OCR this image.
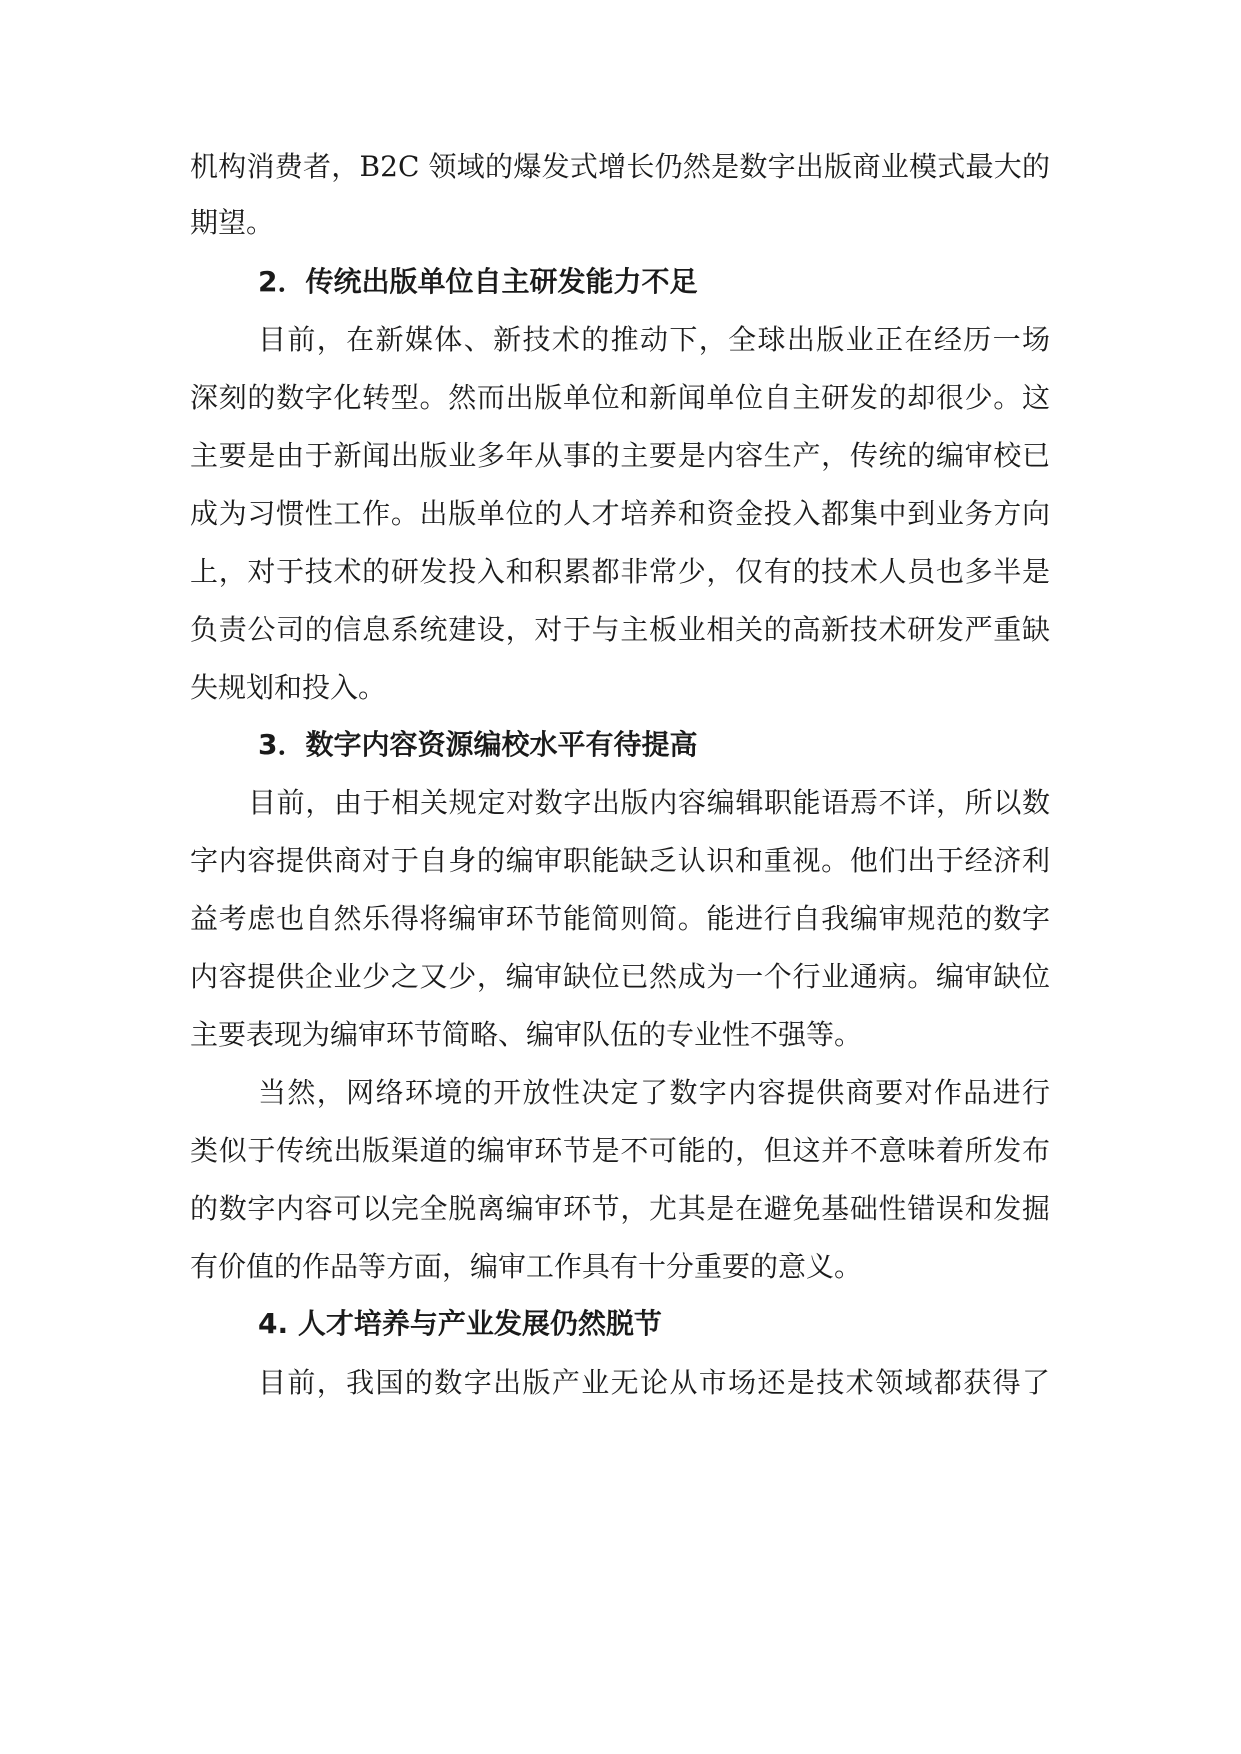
机构消费者，B2C 领域的爆发式增长仍然是数字出版商业模式最大的
期望。
2．传统出版单位自主研发能力不足
目前，在新媒体、新技术的推动下，全球出版业正在经历一场
深刻的数字化转型。然而出版单位和新闻单位自主研发的却很少。这
主要是由于新闻出版业多年从事的主要是内容生产，传统的编审校已
成为习惯性工作。出版单位的人才培养和资金投入都集中到业务方向
上，对于技术的研发投入和积累都非常少，仅有的技术人员也多半是
负责公司的信息系统建设，对于与主板业相关的高新技术研发严重缺
失规划和投入。
3．数字内容资源编校水平有待提高
目前，由于相关规定对数字出版内容编辑职能语焉不详，所以数
字内容提供商对于自身的编审职能缺乏认识和重视。他们出于经济利
益考虑也自然乐得将编审环节能简则简。能进行自我编审规范的数字
内容提供企业少之又少，编审缺位已然成为一个行业通病。编审缺位
主要表现为编审环节简略、编审队伍的专业性不强等。
当然，网络环境的开放性决定了数字内容提供商要对作品进行
类似于传统出版渠道的编审环节是不可能的，但这并不意味着所发布
的数字内容可以完全脱离编审环节，尤其是在避免基础性错误和发掘
有价值的作品等方面，编审工作具有十分重要的意义。
4. 人才培养与产业发展仍然脱节
目前，我国的数字出版产业无论从市场还是技术领域都获得了
